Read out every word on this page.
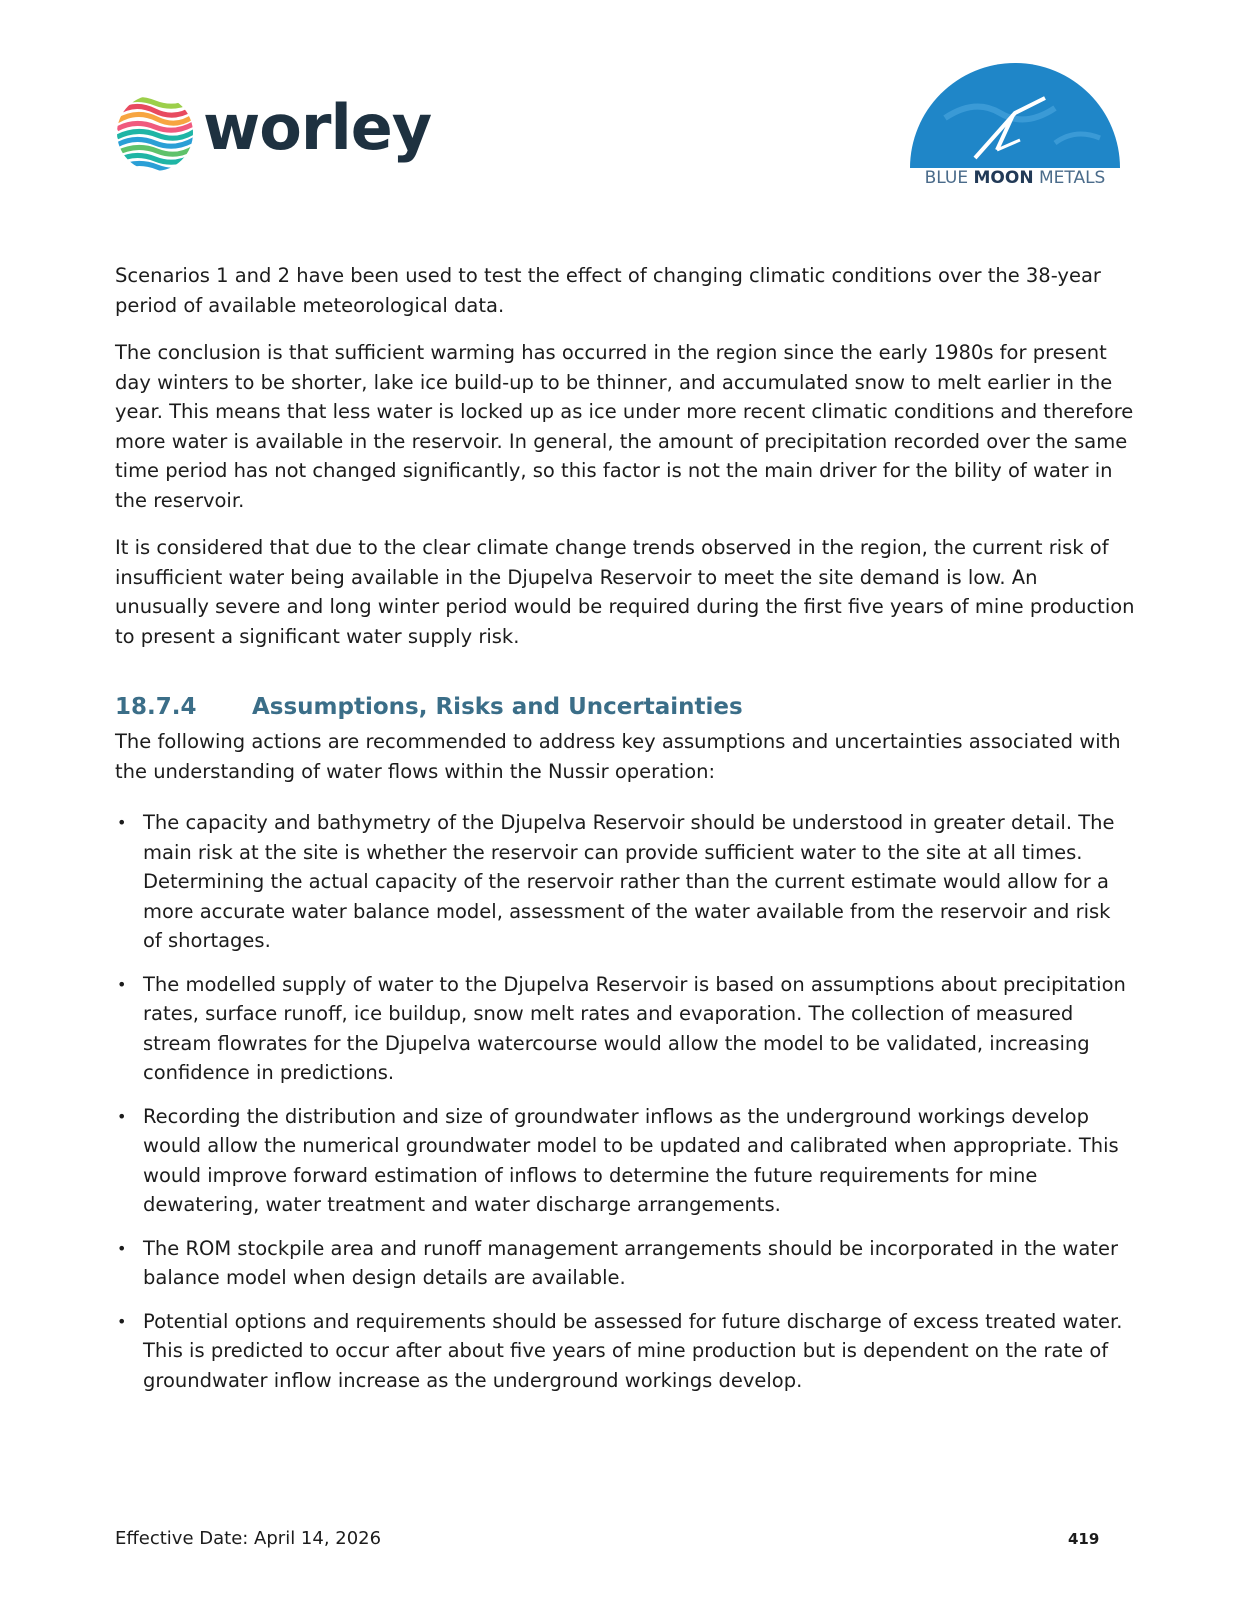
worley
BLUE MOON METALS

Scenarios 1 and 2 have been used to test the effect of changing climatic conditions over the 38-year period of available meteorological data.

The conclusion is that sufficient warming has occurred in the region since the early 1980s for present day winters to be shorter, lake ice build-up to be thinner, and accumulated snow to melt earlier in the year. This means that less water is locked up as ice under more recent climatic conditions and therefore more water is available in the reservoir. In general, the amount of precipitation recorded over the same time period has not changed significantly, so this factor is not the main driver for the bility of water in the reservoir.

It is considered that due to the clear climate change trends observed in the region, the current risk of insufficient water being available in the Djupelva Reservoir to meet the site demand is low. An unusually severe and long winter period would be required during the first five years of mine production to present a significant water supply risk.

18.7.4	Assumptions, Risks and Uncertainties

The following actions are recommended to address key assumptions and uncertainties associated with the understanding of water flows within the Nussir operation:

• The capacity and bathymetry of the Djupelva Reservoir should be understood in greater detail. The main risk at the site is whether the reservoir can provide sufficient water to the site at all times. Determining the actual capacity of the reservoir rather than the current estimate would allow for a more accurate water balance model, assessment of the water available from the reservoir and risk of shortages.
• The modelled supply of water to the Djupelva Reservoir is based on assumptions about precipitation rates, surface runoff, ice buildup, snow melt rates and evaporation. The collection of measured stream flowrates for the Djupelva watercourse would allow the model to be validated, increasing confidence in predictions.
• Recording the distribution and size of groundwater inflows as the underground workings develop would allow the numerical groundwater model to be updated and calibrated when appropriate. This would improve forward estimation of inflows to determine the future requirements for mine dewatering, water treatment and water discharge arrangements.
• The ROM stockpile area and runoff management arrangements should be incorporated in the water balance model when design details are available.
• Potential options and requirements should be assessed for future discharge of excess treated water. This is predicted to occur after about five years of mine production but is dependent on the rate of groundwater inflow increase as the underground workings develop.
Effective Date: April 14, 2026	419
